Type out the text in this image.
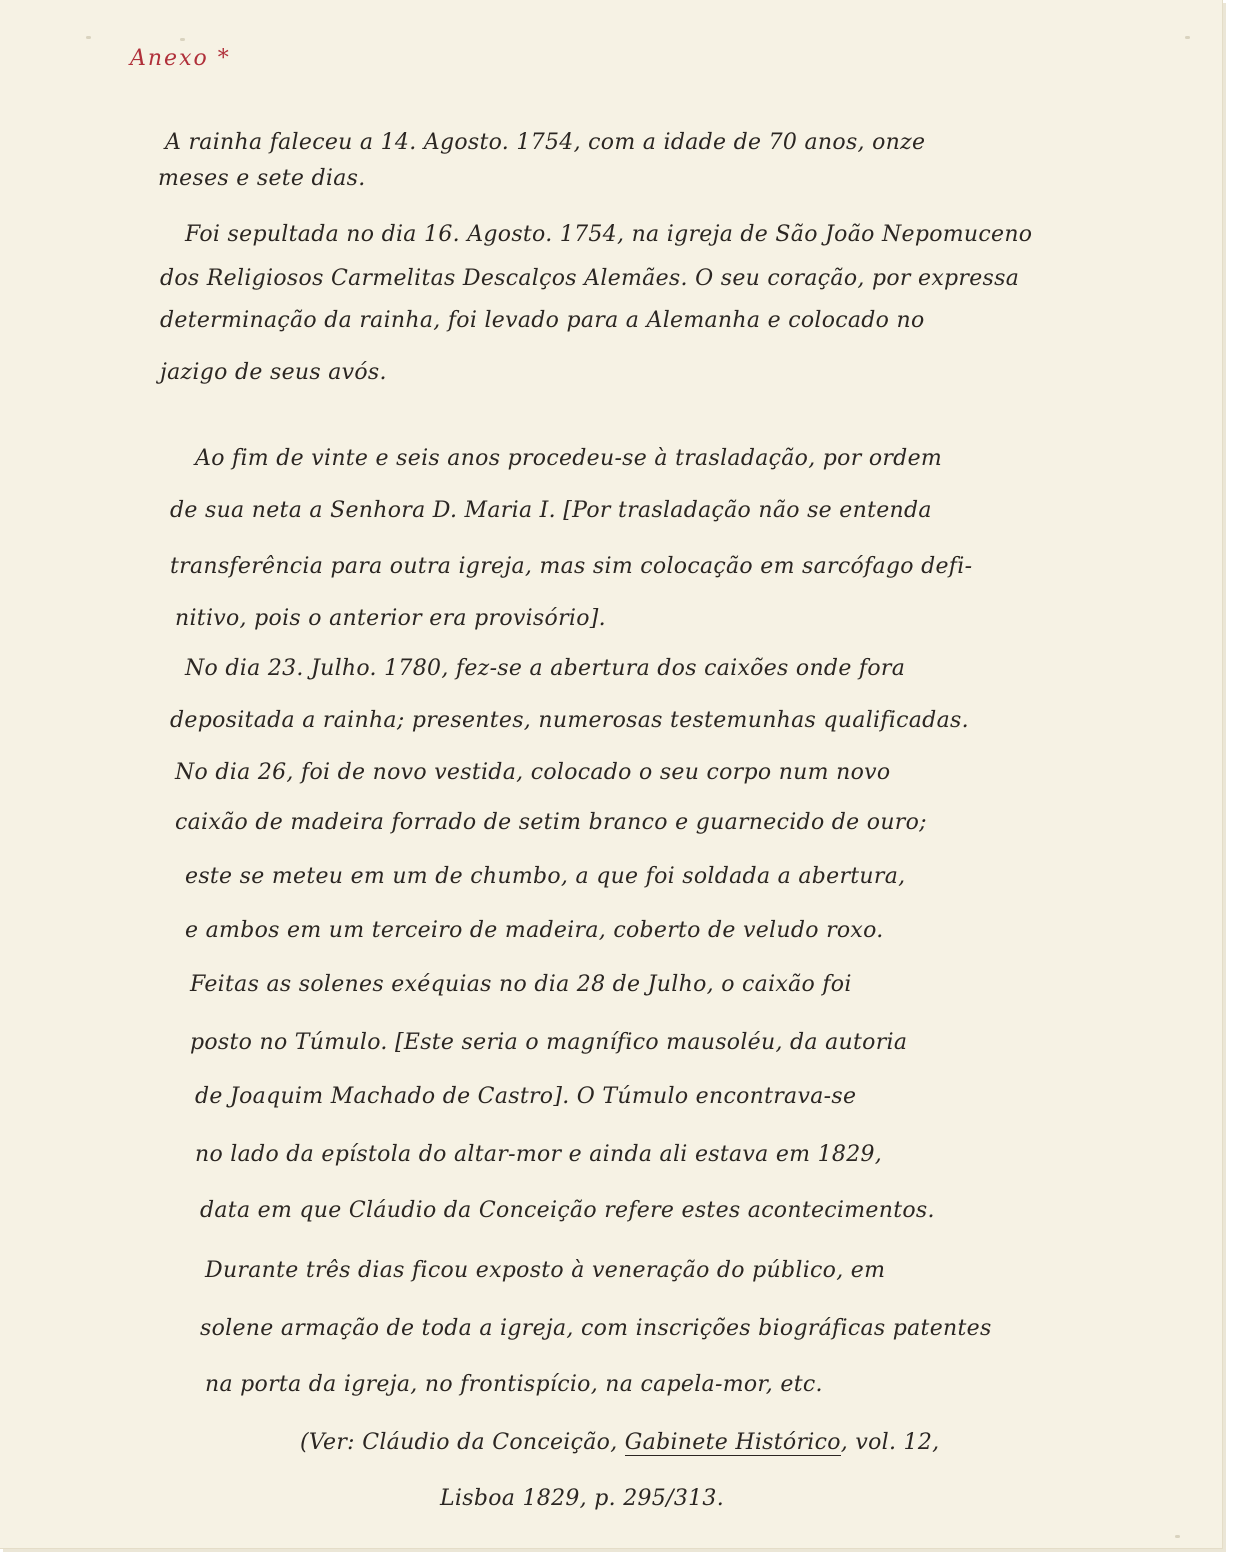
Anexo *

A rainha faleceu a 14. Agosto. 1754, com a idade de 70 anos, onze

meses e sete dias.

Foi sepultada no dia 16. Agosto. 1754, na igreja de São João Nepomuceno

dos Religiosos Carmelitas Descalços Alemães. O seu coração, por expressa

determinação da rainha, foi levado para a Alemanha e colocado no

jazigo de seus avós.

Ao fim de vinte e seis anos procedeu-se à trasladação, por ordem

de sua neta a Senhora D. Maria I. [Por trasladação não se entenda

transferência para outra igreja, mas sim colocação em sarcófago defi-

nitivo, pois o anterior era provisório].

No dia 23. Julho. 1780, fez-se a abertura dos caixões onde fora

depositada a rainha; presentes, numerosas testemunhas qualificadas.

No dia 26, foi de novo vestida, colocado o seu corpo num novo

caixão de madeira forrado de setim branco e guarnecido de ouro;

este se meteu em um de chumbo, a que foi soldada a abertura,

e ambos em um terceiro de madeira, coberto de veludo roxo.

Feitas as solenes exéquias no dia 28 de Julho, o caixão foi

posto no Túmulo. [Este seria o magnífico mausoléu, da autoria

de Joaquim Machado de Castro]. O Túmulo encontrava-se

no lado da epístola do altar-mor e ainda ali estava em 1829,

data em que Cláudio da Conceição refere estes acontecimentos.

Durante três dias ficou exposto à veneração do público, em

solene armação de toda a igreja, com inscrições biográficas patentes

na porta da igreja, no frontispício, na capela-mor, etc.

(Ver: Cláudio da Conceição, Gabinete Histórico, vol. 12,

Lisboa 1829, p. 295/313.
